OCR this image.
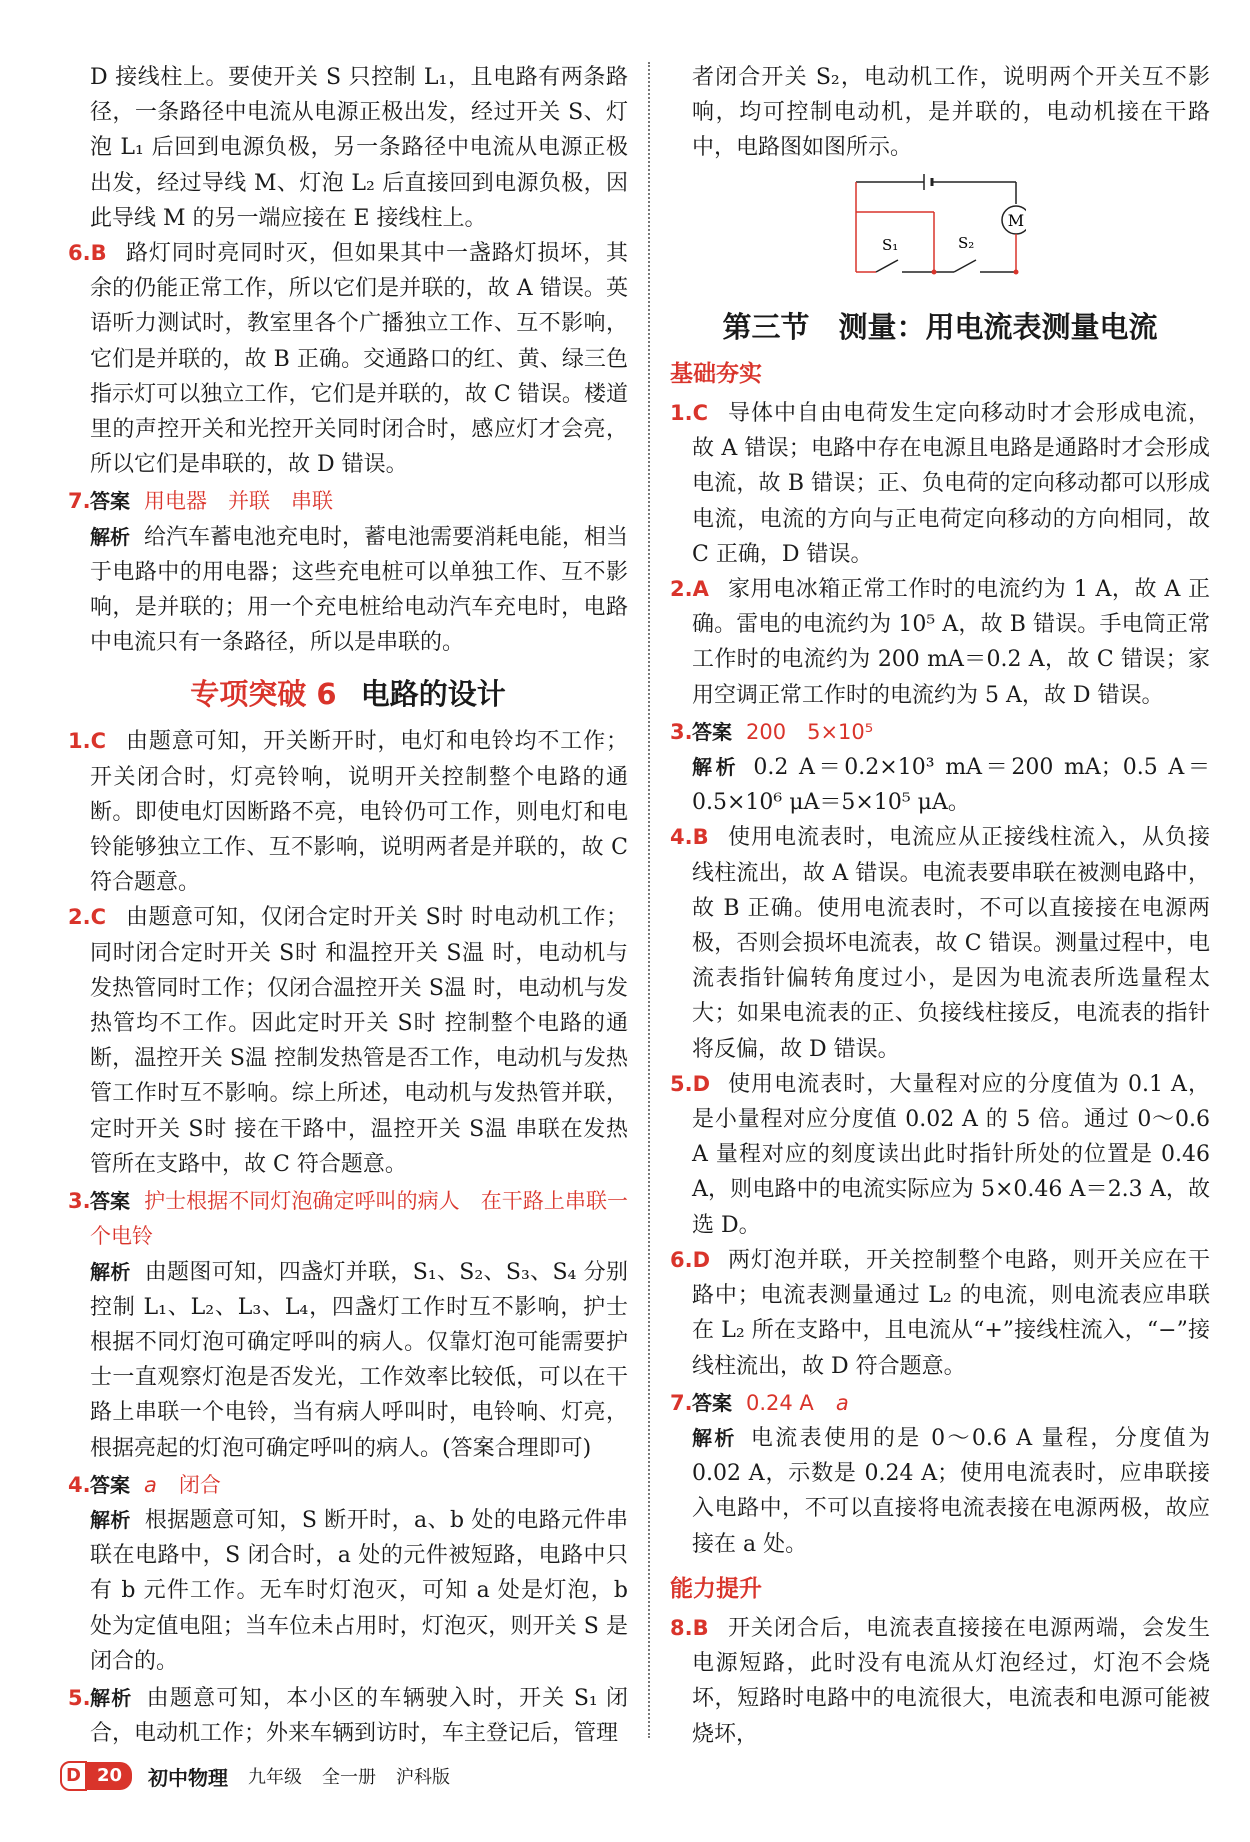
D 接线柱上。要使开关 S 只控制 L₁，且电路有两条路径，一条路径中电流从电源正极出发，经过开关 S、灯泡 L₁ 后回到电源负极，另一条路径中电流从电源正极出发，经过导线 M、灯泡 L₂ 后直接回到电源负极，因此导线 M 的另一端应接在 E 接线柱上。
6.B 路灯同时亮同时灭，但如果其中一盏路灯损坏，其余的仍能正常工作，所以它们是并联的，故 A 错误。英语听力测试时，教室里各个广播独立工作、互不影响，它们是并联的，故 B 正确。交通路口的红、黄、绿三色指示灯可以独立工作，它们是并联的，故 C 错误。楼道里的声控开关和光控开关同时闭合时，感应灯才会亮，所以它们是串联的，故 D 错误。
7. 答案 用电器　并联　串联
解析 给汽车蓄电池充电时，蓄电池需要消耗电能，相当于电路中的用电器；这些充电桩可以单独工作、互不影响，是并联的；用一个充电桩给电动汽车充电时，电路中电流只有一条路径，所以是串联的。
专项突破 6 电路的设计
1.C 由题意可知，开关断开时，电灯和电铃均不工作；开关闭合时，灯亮铃响，说明开关控制整个电路的通断。即使电灯因断路不亮，电铃仍可工作，则电灯和电铃能够独立工作、互不影响，说明两者是并联的，故 C 符合题意。
2.C 由题意可知，仅闭合定时开关 S时 时电动机工作；同时闭合定时开关 S时 和温控开关 S温 时，电动机与发热管同时工作；仅闭合温控开关 S温 时，电动机与发热管均不工作。因此定时开关 S时 控制整个电路的通断，温控开关 S温 控制发热管是否工作，电动机与发热管工作时互不影响。综上所述，电动机与发热管并联，定时开关 S时 接在干路中，温控开关 S温 串联在发热管所在支路中，故 C 符合题意。
3. 答案 护士根据不同灯泡确定呼叫的病人　在干路上串联一个电铃
解析 由题图可知，四盏灯并联，S₁、S₂、S₃、S₄ 分别控制 L₁、L₂、L₃、L₄，四盏灯工作时互不影响，护士根据不同灯泡可确定呼叫的病人。仅靠灯泡可能需要护士一直观察灯泡是否发光，工作效率比较低，可以在干路上串联一个电铃，当有病人呼叫时，电铃响、灯亮，根据亮起的灯泡可确定呼叫的病人。(答案合理即可)
4. 答案 a 闭合
解析 根据题意可知，S 断开时，a、b 处的电路元件串联在电路中，S 闭合时，a 处的元件被短路，电路中只有 b 元件工作。无车时灯泡灭，可知 a 处是灯泡，b 处为定值电阻；当车位未占用时，灯泡灭，则开关 S 是闭合的。
5. 解析 由题意可知，本小区的车辆驶入时，开关 S₁ 闭合，电动机工作；外来车辆到访时，车主登记后，管理
者闭合开关 S₂，电动机工作，说明两个开关互不影响，均可控制电动机，是并联的，电动机接在干路中，电路图如图所示。
M
S₁	S₂
第三节　测量：用电流表测量电流
基础夯实
1.C 导体中自由电荷发生定向移动时才会形成电流，故 A 错误；电路中存在电源且电路是通路时才会形成电流，故 B 错误；正、负电荷的定向移动都可以形成电流，电流的方向与正电荷定向移动的方向相同，故 C 正确，D 错误。
2.A 家用电冰箱正常工作时的电流约为 1 A，故 A 正确。雷电的电流约为 10⁵ A，故 B 错误。手电筒正常工作时的电流约为 200 mA＝0.2 A，故 C 错误；家用空调正常工作时的电流约为 5 A，故 D 错误。
3. 答案 200　5×10⁵
解析 0.2 A＝0.2×10³ mA＝200 mA；0.5 A＝0.5×10⁶ μA＝5×10⁵ μA。
4.B 使用电流表时，电流应从正接线柱流入，从负接线柱流出，故 A 错误。电流表要串联在被测电路中，故 B 正确。使用电流表时，不可以直接接在电源两极，否则会损坏电流表，故 C 错误。测量过程中，电流表指针偏转角度过小，是因为电流表所选量程太大；如果电流表的正、负接线柱接反，电流表的指针将反偏，故 D 错误。
5.D 使用电流表时，大量程对应的分度值为 0.1 A，是小量程对应分度值 0.02 A 的 5 倍。通过 0～0.6 A 量程对应的刻度读出此时指针所处的位置是 0.46 A，则电路中的电流实际应为 5×0.46 A＝2.3 A，故选 D。
6.D 两灯泡并联，开关控制整个电路，则开关应在干路中；电流表测量通过 L₂ 的电流，则电流表应串联在 L₂ 所在支路中，且电流从“+”接线柱流入，“−”接线柱流出，故 D 符合题意。
7. 答案 0.24 A a
解析 电流表使用的是 0～0.6 A 量程，分度值为 0.02 A，示数是 0.24 A；使用电流表时，应串联接入电路中，不可以直接将电流表接在电源两极，故应接在 a 处。
能力提升
8.B 开关闭合后，电流表直接接在电源两端，会发生电源短路，此时没有电流从灯泡经过，灯泡不会烧坏，短路时电路中的电流很大，电流表和电源可能被烧坏，
D 20	初中物理 九年级 全一册 沪科版
